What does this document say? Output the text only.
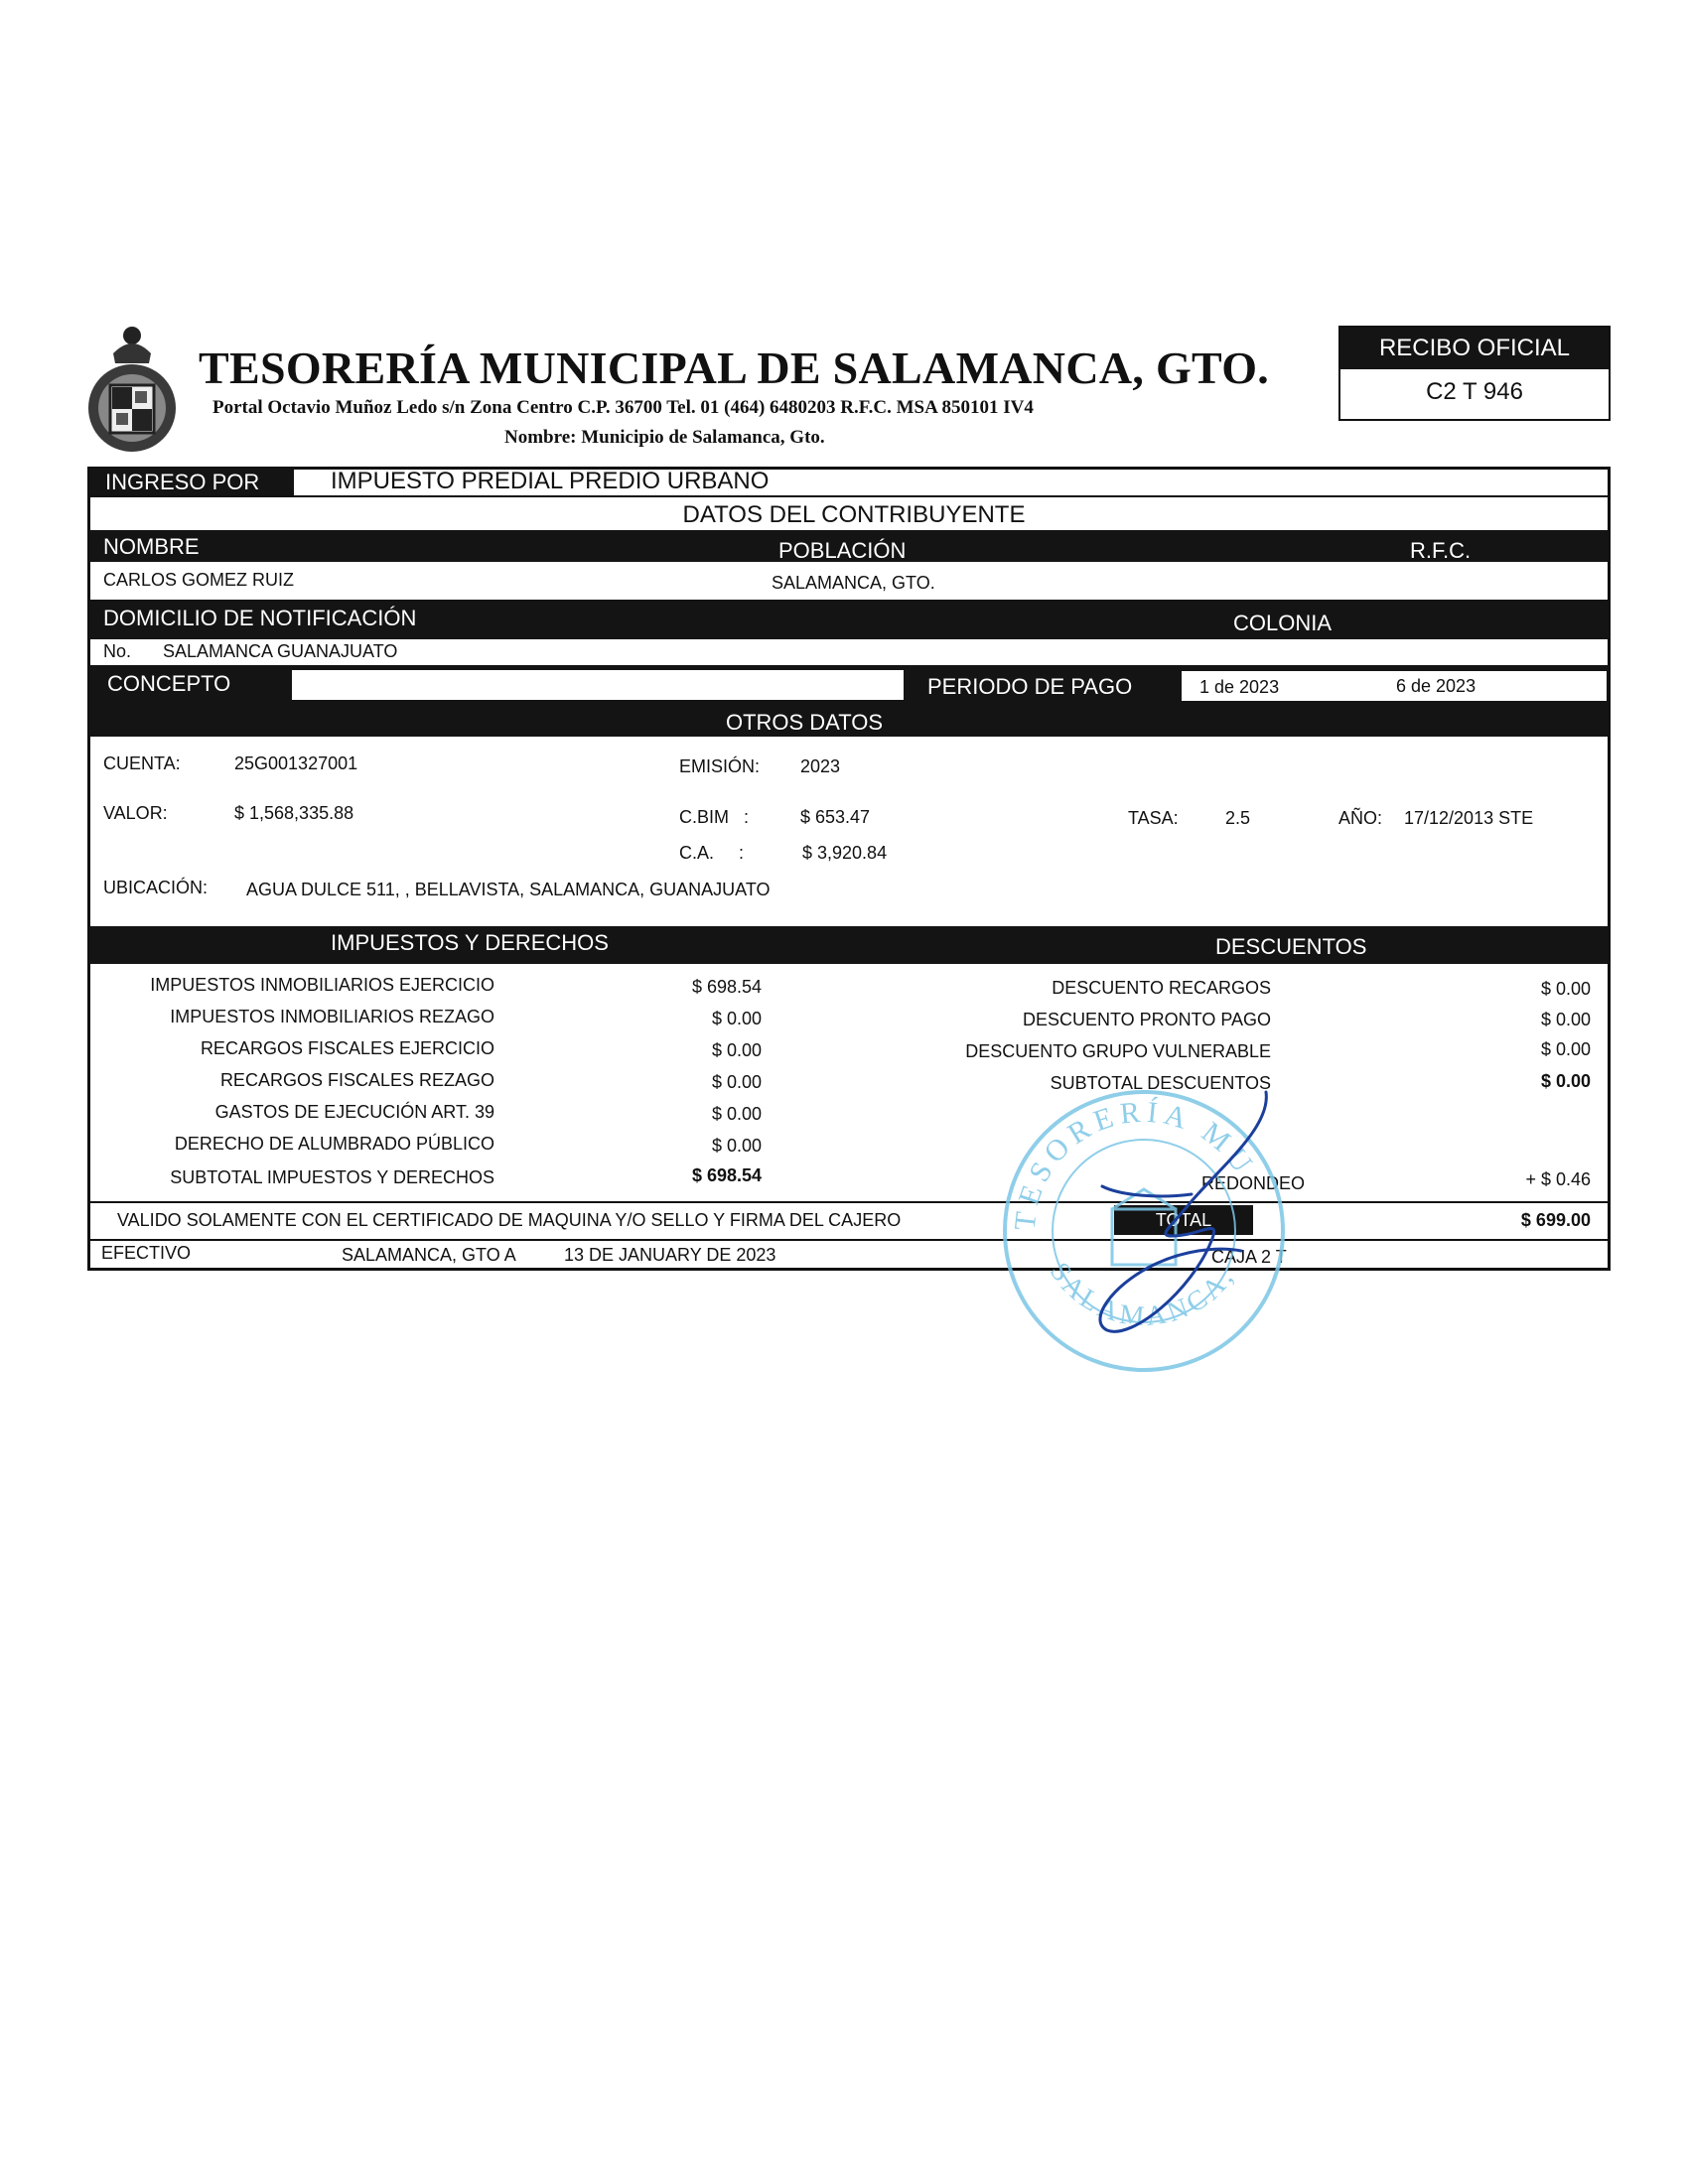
TESORERÍA MUNICIPAL DE SALAMANCA, GTO.
Portal Octavio Muñoz Ledo s/n Zona Centro C.P. 36700 Tel. 01 (464) 6480203 R.F.C. MSA 850101 IV4
Nombre: Municipio de Salamanca, Gto.
RECIBO OFICIAL
C2 T 946
INGRESO POR	IMPUESTO PREDIAL PREDIO URBANO
DATOS DEL CONTRIBUYENTE
NOMBRE	POBLACIÓN	R.F.C.
CARLOS GOMEZ RUIZ	SALAMANCA, GTO.
DOMICILIO DE NOTIFICACIÓN	COLONIA
No. SALAMANCA GUANAJUATO
CONCEPTO	PERIODO DE PAGO	1 de 2023	6 de 2023
OTROS DATOS
CUENTA:	25G001327001	EMISIÓN: 2023
VALOR:	$ 1,568,335.88	C.BIM   :	$ 653.47	TASA:	2.5	AÑO: 17/12/2013 STE
C.A.     :	$ 3,920.84
UBICACIÓN: AGUA DULCE 511, , BELLAVISTA, SALAMANCA, GUANAJUATO
IMPUESTOS Y DERECHOS	DESCUENTOS
IMPUESTOS INMOBILIARIOS EJERCICIO	$ 698.54
IMPUESTOS INMOBILIARIOS REZAGO	$ 0.00
RECARGOS FISCALES EJERCICIO	$ 0.00
RECARGOS FISCALES REZAGO	$ 0.00
GASTOS DE EJECUCIÓN ART. 39	$ 0.00
DERECHO DE ALUMBRADO PÚBLICO	$ 0.00
SUBTOTAL IMPUESTOS Y DERECHOS	$ 698.54
DESCUENTO RECARGOS	$ 0.00
DESCUENTO PRONTO PAGO	$ 0.00
DESCUENTO GRUPO VULNERABLE	$ 0.00
SUBTOTAL DESCUENTOS	$ 0.00
REDONDEO	+ $ 0.46
VALIDO SOLAMENTE CON EL CERTIFICADO DE MAQUINA Y/O SELLO Y FIRMA DEL CAJERO	TOTAL	$ 699.00
EFECTIVO	SALAMANCA, GTO A	13 DE JANUARY DE 2023	CAJA 2 T
TESORERÍA MU
SALAMANCA,
